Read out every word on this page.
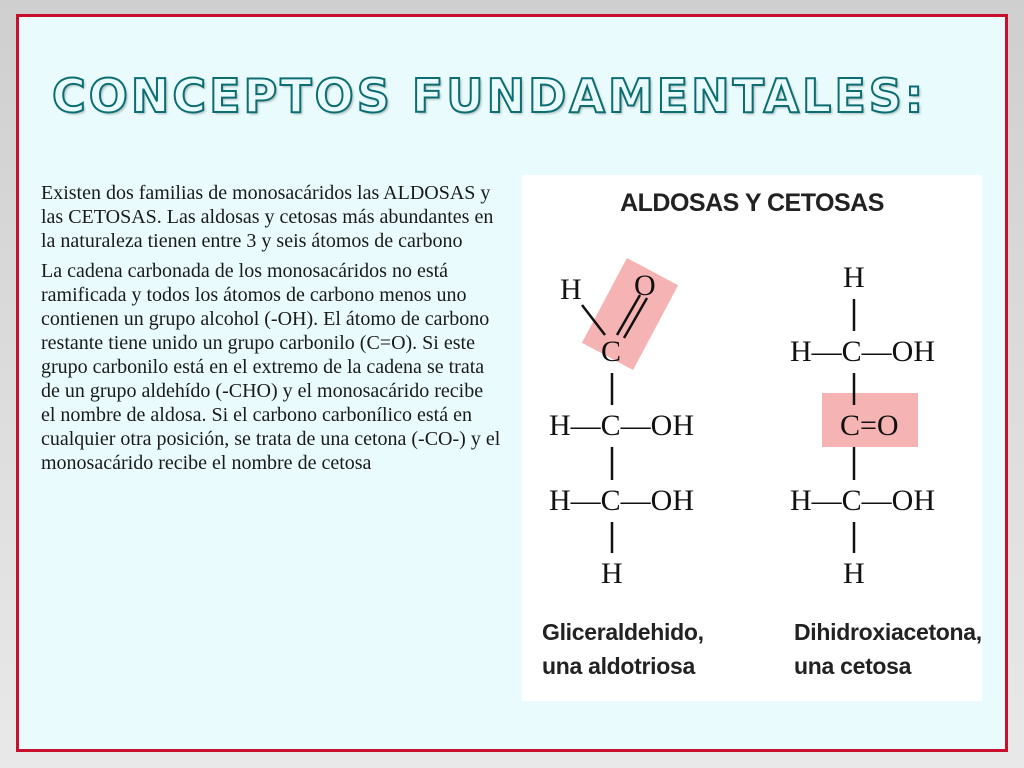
CONCEPTOS FUNDAMENTALES:

Existen dos familias de monosacáridos las ALDOSAS y las CETOSAS. Las aldosas y cetosas más abundantes en la naturaleza tienen entre 3 y seis átomos de carbono

La cadena carbonada de los monosacáridos no está ramificada y todos los átomos de carbono menos uno contienen un grupo alcohol (-OH). El átomo de carbono restante tiene unido un grupo carbonilo (C=O). Si este grupo carbonilo está en el extremo de la cadena se trata de un grupo aldehído (-CHO) y el monosacárido recibe el nombre de aldosa. Si el carbono carbonílico está en cualquier otra posición, se trata de una cetona (-CO-) y el monosacárido recibe el nombre de cetosa

ALDOSAS Y CETOSAS
H O
C
H—C—OH
H—C—OH
H
H
H—C—OH
C=O
H—C—OH
H
Gliceraldehido,
una aldotriosa
Dihidroxiacetona,
una cetosa
